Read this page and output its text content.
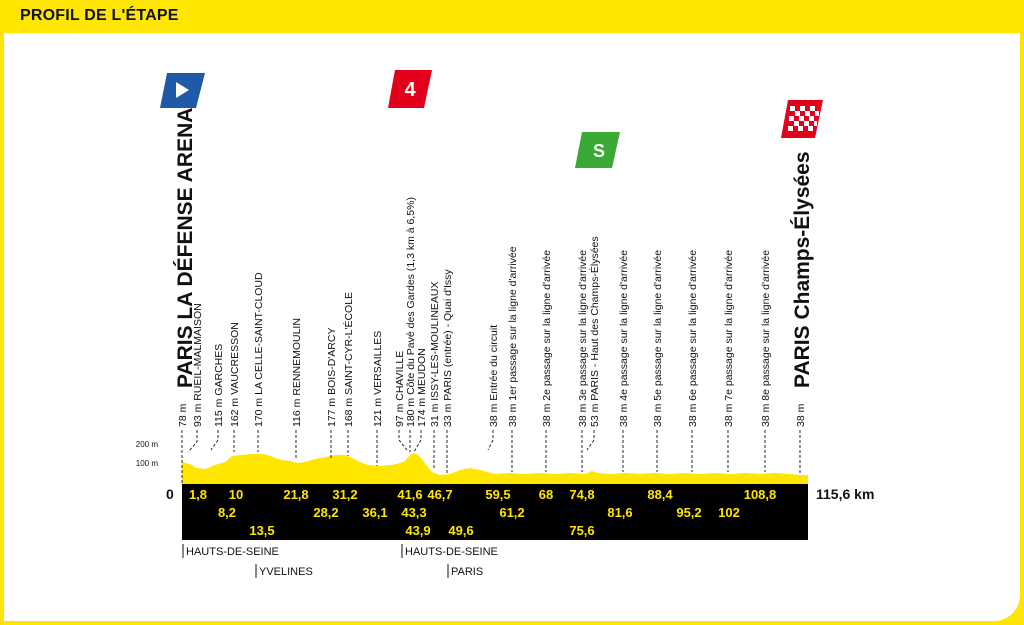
PROFIL DE L'ÉTAPE
200 m
100 m
0	115,6 km
78 m 93 m RUEIL-MALMAISON 115 m GARCHES 162 m VAUCRESSON 170 m LA CELLE-SAINT-CLOUD 116 m RENNEMOULIN 177 m BOIS-D'ARCY 168 m SAINT-CYR-L'ÉCOLE 121 m VERSAILLES 97 m CHAVILLE 180 m Côte du Pavé des Gardes (1,3 km à 6,5%) 174 m MEUDON 31 m ISSY-LES-MOULINEAUX 33 m PARIS (entrée) - Quai d'Issy	38 m Entrée du circuit 38 m 1er passage sur la ligne d'arrivée 38 m 2e passage sur la ligne d'arrivée 38 m 3e passage sur la ligne d'arrivée 53 m PARIS - Haut des Champs-Élysées 38 m 4e passage sur la ligne d'arrivée 38 m 5e passage sur la ligne d'arrivée 38 m 6e passage sur la ligne d'arrivée 38 m 7e passage sur la ligne d'arrivée 38 m 8e passage sur la ligne d'arrivée 38 m
1,8
8,2
10
13,5
21,8
28,2
31,2
36,1
41,6
43,3
43,9
46,7
49,6
59,5
61,2
68 74,8
75,6
81,6
88,4
95,2 102
108,8
4
S
PARIS LA DÉFENSE ARENA	PARIS Champs-Élysées
HAUTS-DE-SEINE
YVELINES
HAUTS-DE-SEINE
PARIS
